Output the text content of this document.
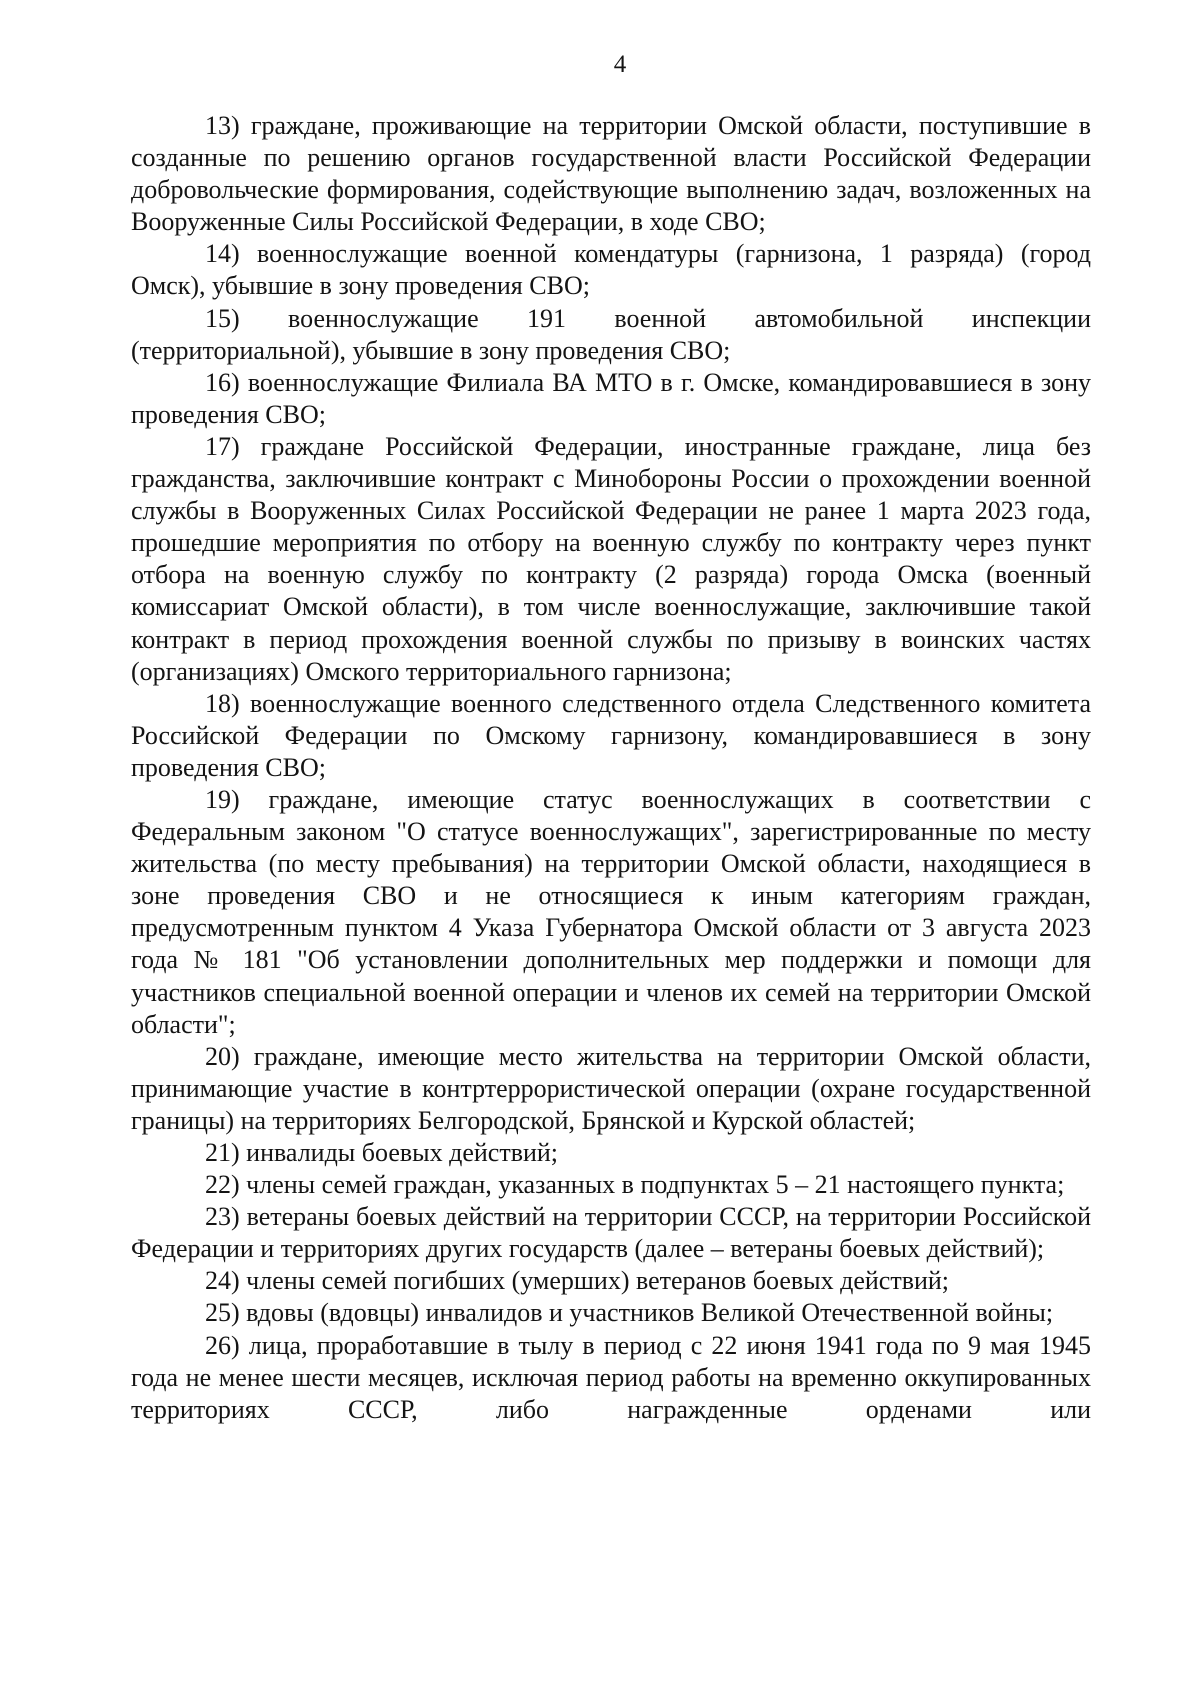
4

13) граждане, проживающие на территории Омской области, поступившие в созданные по решению органов государственной власти Российской Федерации добровольческие формирования, содействующие выполнению задач, возложенных на Вооруженные Силы Российской Федерации, в ходе СВО;

14) военнослужащие военной комендатуры (гарнизона, 1 разряда) (город Омск), убывшие в зону проведения СВО;

15) военнослужащие 191 военной автомобильной инспекции (территориальной), убывшие в зону проведения СВО;

16) военнослужащие Филиала ВА МТО в г. Омске, командировавшиеся в зону проведения СВО;

17) граждане Российской Федерации, иностранные граждане, лица без гражданства, заключившие контракт с Минобороны России о прохождении военной службы в Вооруженных Силах Российской Федерации не ранее 1 марта 2023 года, прошедшие мероприятия по отбору на военную службу по контракту через пункт отбора на военную службу по контракту (2 разряда) города Омска (военный комиссариат Омской области), в том числе военнослужащие, заключившие такой контракт в период прохождения военной службы по призыву в воинских частях (организациях) Омского территориального гарнизона;

18) военнослужащие военного следственного отдела Следственного комитета Российской Федерации по Омскому гарнизону, командировавшиеся в зону проведения СВО;

19) граждане, имеющие статус военнослужащих в соответствии с Федеральным законом "О статусе военнослужащих", зарегистрированные по месту жительства (по месту пребывания) на территории Омской области, находящиеся в зоне проведения СВО и не относящиеся к иным категориям граждан, предусмотренным пунктом 4 Указа Губернатора Омской области от 3 августа 2023 года № 181 "Об установлении дополнительных мер поддержки и помощи для участников специальной военной операции и членов их семей на территории Омской области";

20) граждане, имеющие место жительства на территории Омской области, принимающие участие в контртеррористической операции (охране государственной границы) на территориях Белгородской, Брянской и Курской областей;

21) инвалиды боевых действий;

22) члены семей граждан, указанных в подпунктах 5 – 21 настоящего пункта;

23) ветераны боевых действий на территории СССР, на территории Российской Федерации и территориях других государств (далее – ветераны боевых действий);

24) члены семей погибших (умерших) ветеранов боевых действий;

25) вдовы (вдовцы) инвалидов и участников Великой Отечественной войны;

26) лица, проработавшие в тылу в период с 22 июня 1941 года по 9 мая 1945 года не менее шести месяцев, исключая период работы на временно оккупированных территориях СССР, либо награжденные орденами или
